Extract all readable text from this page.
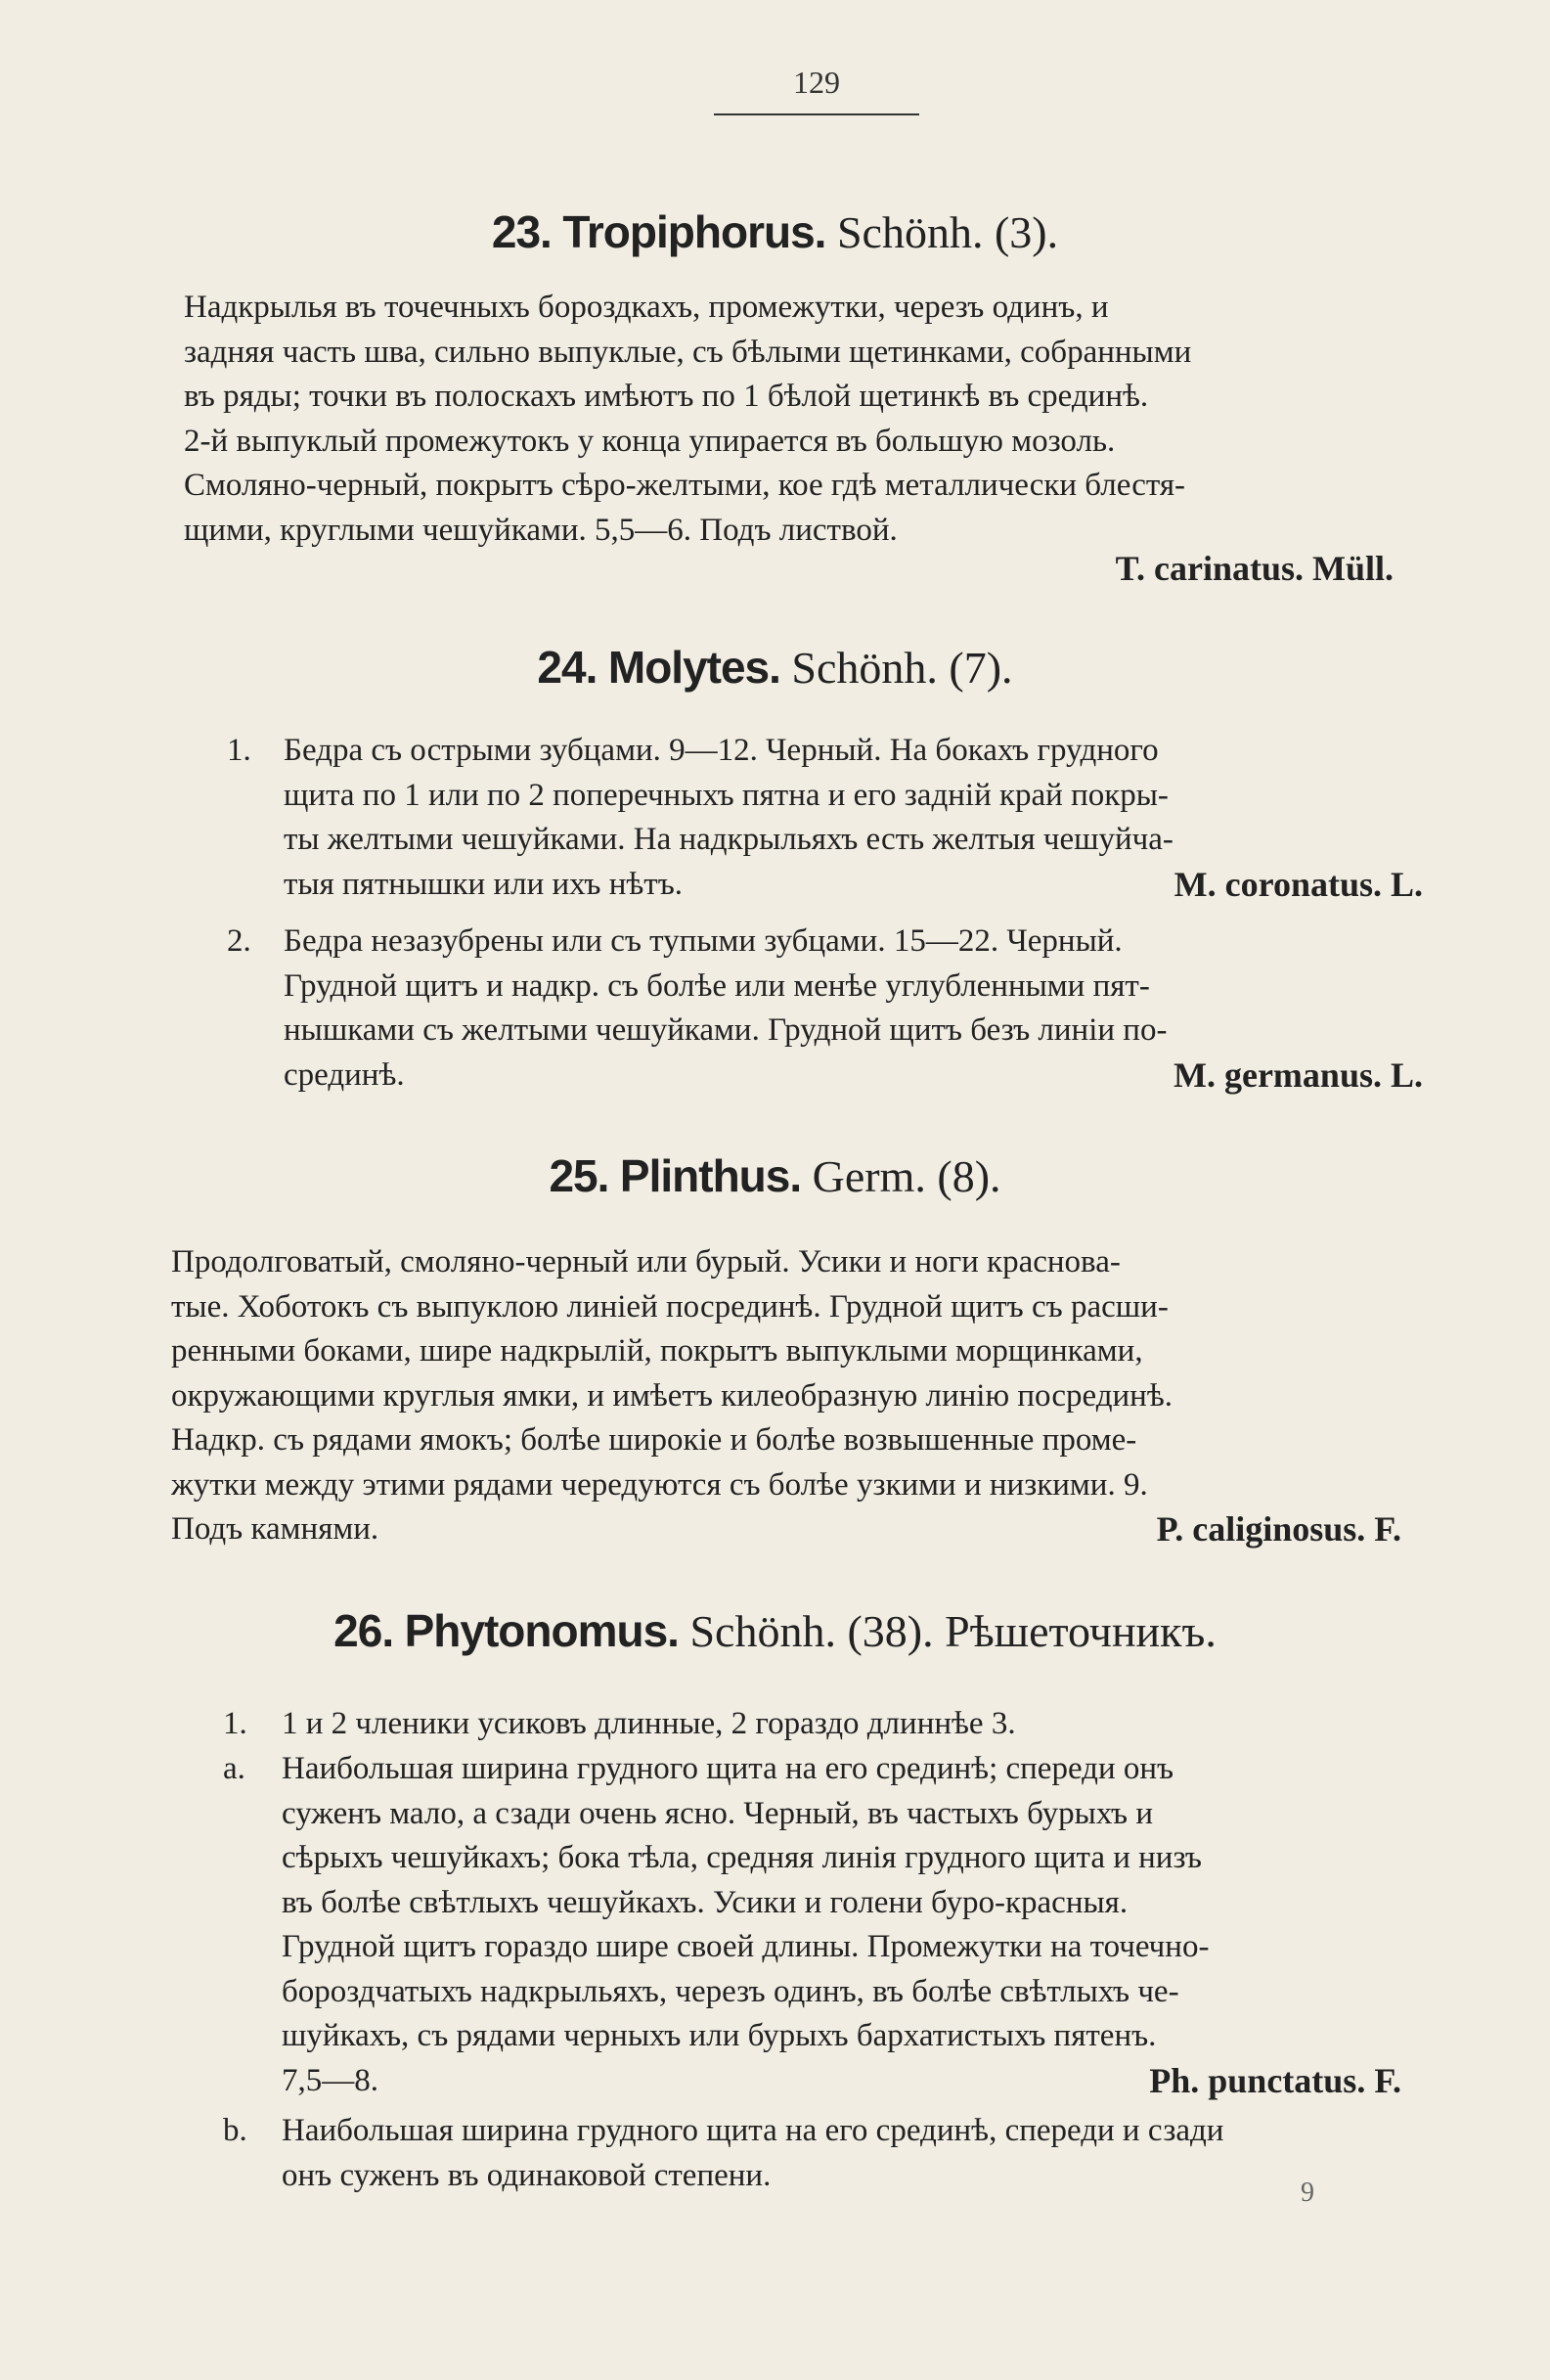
129
23. Tropiphorus. Schönh. (3).
Надкрылья въ точечныхъ бороздкахъ, промежутки, черезъ одинъ, и
задняя часть шва, сильно выпуклые, съ бѣлыми щетинками, собранными
въ ряды; точки въ полоскахъ имѣютъ по 1 бѣлой щетинкѣ въ срединѣ.
2-й выпуклый промежутокъ у конца упирается въ большую мозоль.
Смоляно-черный, покрытъ сѣро-желтыми, кое гдѣ металлически блестя-
щими, круглыми чешуйками. 5,5—6. Подъ листвой.
T. carinatus. Müll.
24. Molytes. Schönh. (7).
1. Бедра съ острыми зубцами. 9—12. Черный. На бокахъ грудного
щита по 1 или по 2 поперечныхъ пятна и его задній край покры-
ты желтыми чешуйками. На надкрыльяхъ есть желтыя чешуйча-
тыя пятнышки или ихъ нѣтъ.	M. coronatus. L.
2. Бедра незазубрены или съ тупыми зубцами. 15—22. Черный.
Грудной щитъ и надкр. съ болѣе или менѣе углубленными пят-
нышками съ желтыми чешуйками. Грудной щитъ безъ линіи по-
срединѣ.	M. germanus. L.
25. Plinthus. Germ. (8).
Продолговатый, смоляно-черный или бурый. Усики и ноги краснова-
тые. Хоботокъ съ выпуклою линіей посрединѣ. Грудной щитъ съ расши-
ренными боками, шире надкрылій, покрытъ выпуклыми морщинками,
окружающими круглыя ямки, и имѣетъ килеобразную линію посрединѣ.
Надкр. съ рядами ямокъ; болѣе широкіе и болѣе возвышенные проме-
жутки между этими рядами чередуются съ болѣе узкими и низкими. 9.
Подъ камнями.	P. caliginosus. F.
26. Phytonomus. Schönh. (38). Рѣшеточникъ.
1. 1 и 2 членики усиковъ длинные, 2 гораздо длиннѣе 3.
a. Наибольшая ширина грудного щита на его срединѣ; спереди онъ
суженъ мало, а сзади очень ясно. Черный, въ частыхъ бурыхъ и
сѣрыхъ чешуйкахъ; бока тѣла, средняя линія грудного щита и низъ
въ болѣе свѣтлыхъ чешуйкахъ. Усики и голени буро-красныя.
Грудной щитъ гораздо шире своей длины. Промежутки на точечно-
бороздчатыхъ надкрыльяхъ, черезъ одинъ, въ болѣе свѣтлыхъ че-
шуйкахъ, съ рядами черныхъ или бурыхъ бархатистыхъ пятенъ.
7,5—8.	Ph. punctatus. F.
b. Наибольшая ширина грудного щита на его срединѣ, спереди и сзади
онъ суженъ въ одинаковой степени.	9
